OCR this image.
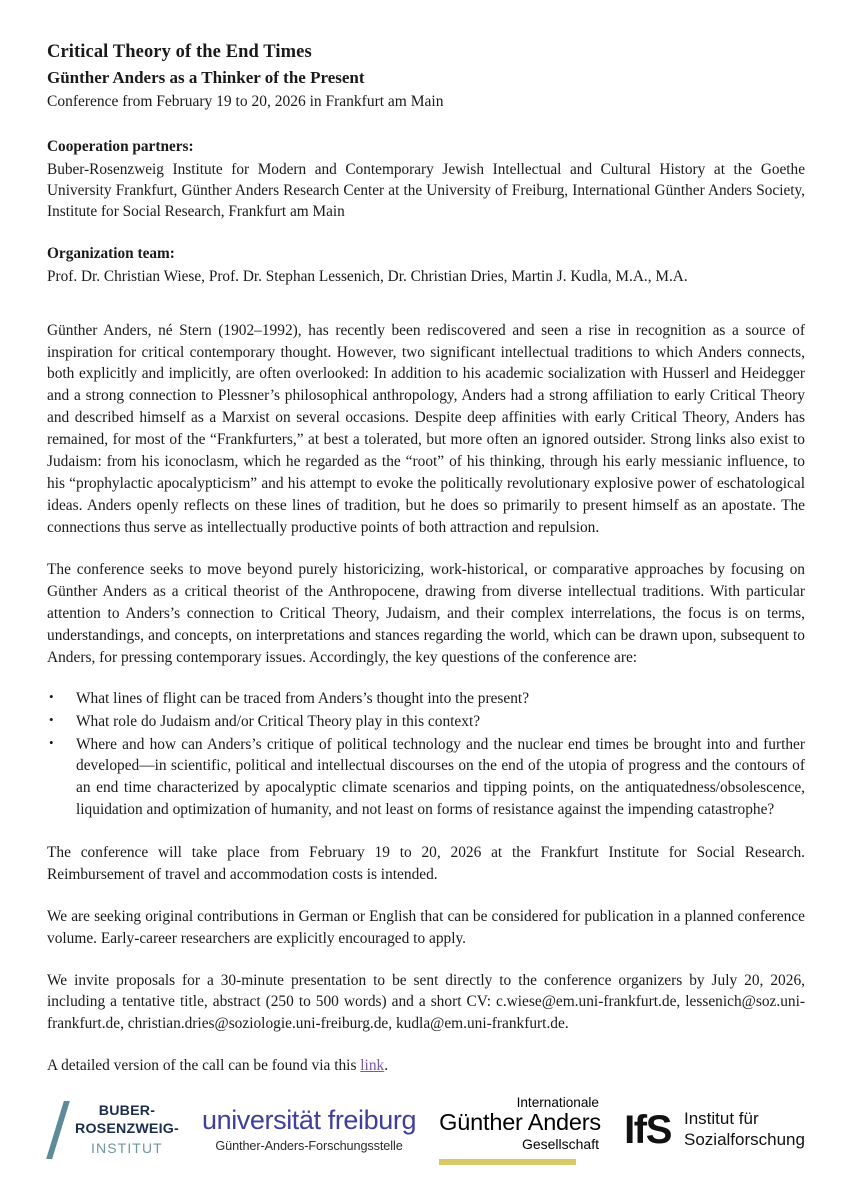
Critical Theory of the End Times
Günther Anders as a Thinker of the Present

Conference from February 19 to 20, 2026 in Frankfurt am Main

Cooperation partners:

Buber-Rosenzweig Institute for Modern and Contemporary Jewish Intellectual and Cultural History at the Goethe University Frankfurt, Günther Anders Research Center at the University of Freiburg, International Günther Anders Society, Institute for Social Research, Frankfurt am Main

Organization team:

Prof. Dr. Christian Wiese, Prof. Dr. Stephan Lessenich, Dr. Christian Dries, Martin J. Kudla, M.A., M.A.

Günther Anders, né Stern (1902–1992), has recently been rediscovered and seen a rise in recognition as a source of inspiration for critical contemporary thought. However, two significant intellectual traditions to which Anders connects, both explicitly and implicitly, are often overlooked: In addition to his academic socialization with Husserl and Heidegger and a strong connection to Plessner’s philosophical anthropology, Anders had a strong affiliation to early Critical Theory and described himself as a Marxist on several occasions. Despite deep affinities with early Critical Theory, Anders has remained, for most of the “Frankfurters,” at best a tolerated, but more often an ignored outsider. Strong links also exist to Judaism: from his iconoclasm, which he regarded as the “root” of his thinking, through his early messianic influence, to his “prophylactic apocalypticism” and his attempt to evoke the politically revolutionary explosive power of eschatological ideas. Anders openly reflects on these lines of tradition, but he does so primarily to present himself as an apostate. The connections thus serve as intellectually productive points of both attraction and repulsion.

The conference seeks to move beyond purely historicizing, work-historical, or comparative approaches by focusing on Günther Anders as a critical theorist of the Anthropocene, drawing from diverse intellectual traditions. With particular attention to Anders’s connection to Critical Theory, Judaism, and their complex interrelations, the focus is on terms, understandings, and concepts, on interpretations and stances regarding the world, which can be drawn upon, subsequent to Anders, for pressing contemporary issues. Accordingly, the key questions of the conference are:

• What lines of flight can be traced from Anders’s thought into the present?
• What role do Judaism and/or Critical Theory play in this context?
• Where and how can Anders’s critique of political technology and the nuclear end times be brought into and further developed—in scientific, political and intellectual discourses on the end of the utopia of progress and the contours of an end time characterized by apocalyptic climate scenarios and tipping points, on the antiquatedness/obsolescence, liquidation and optimization of humanity, and not least on forms of resistance against the impending catastrophe?

The conference will take place from February 19 to 20, 2026 at the Frankfurt Institute for Social Research. Reimbursement of travel and accommodation costs is intended.

We are seeking original contributions in German or English that can be considered for publication in a planned conference volume. Early-career researchers are explicitly encouraged to apply.

We invite proposals for a 30-minute presentation to be sent directly to the conference organizers by July 20, 2026, including a tentative title, abstract (250 to 500 words) and a short CV: c.wiese@em.uni-frankfurt.de, lessenich@soz.uni-frankfurt.de, christian.dries@soziologie.uni-freiburg.de, kudla@em.uni-frankfurt.de.

A detailed version of the call can be found via this link.

BUBER-
ROSENZWEIG-
INSTITUT
universität freiburg
Günther-Anders-Forschungsstelle
Internationale
Günther Anders
Gesellschaft IfS Institut für
Sozialforschung
